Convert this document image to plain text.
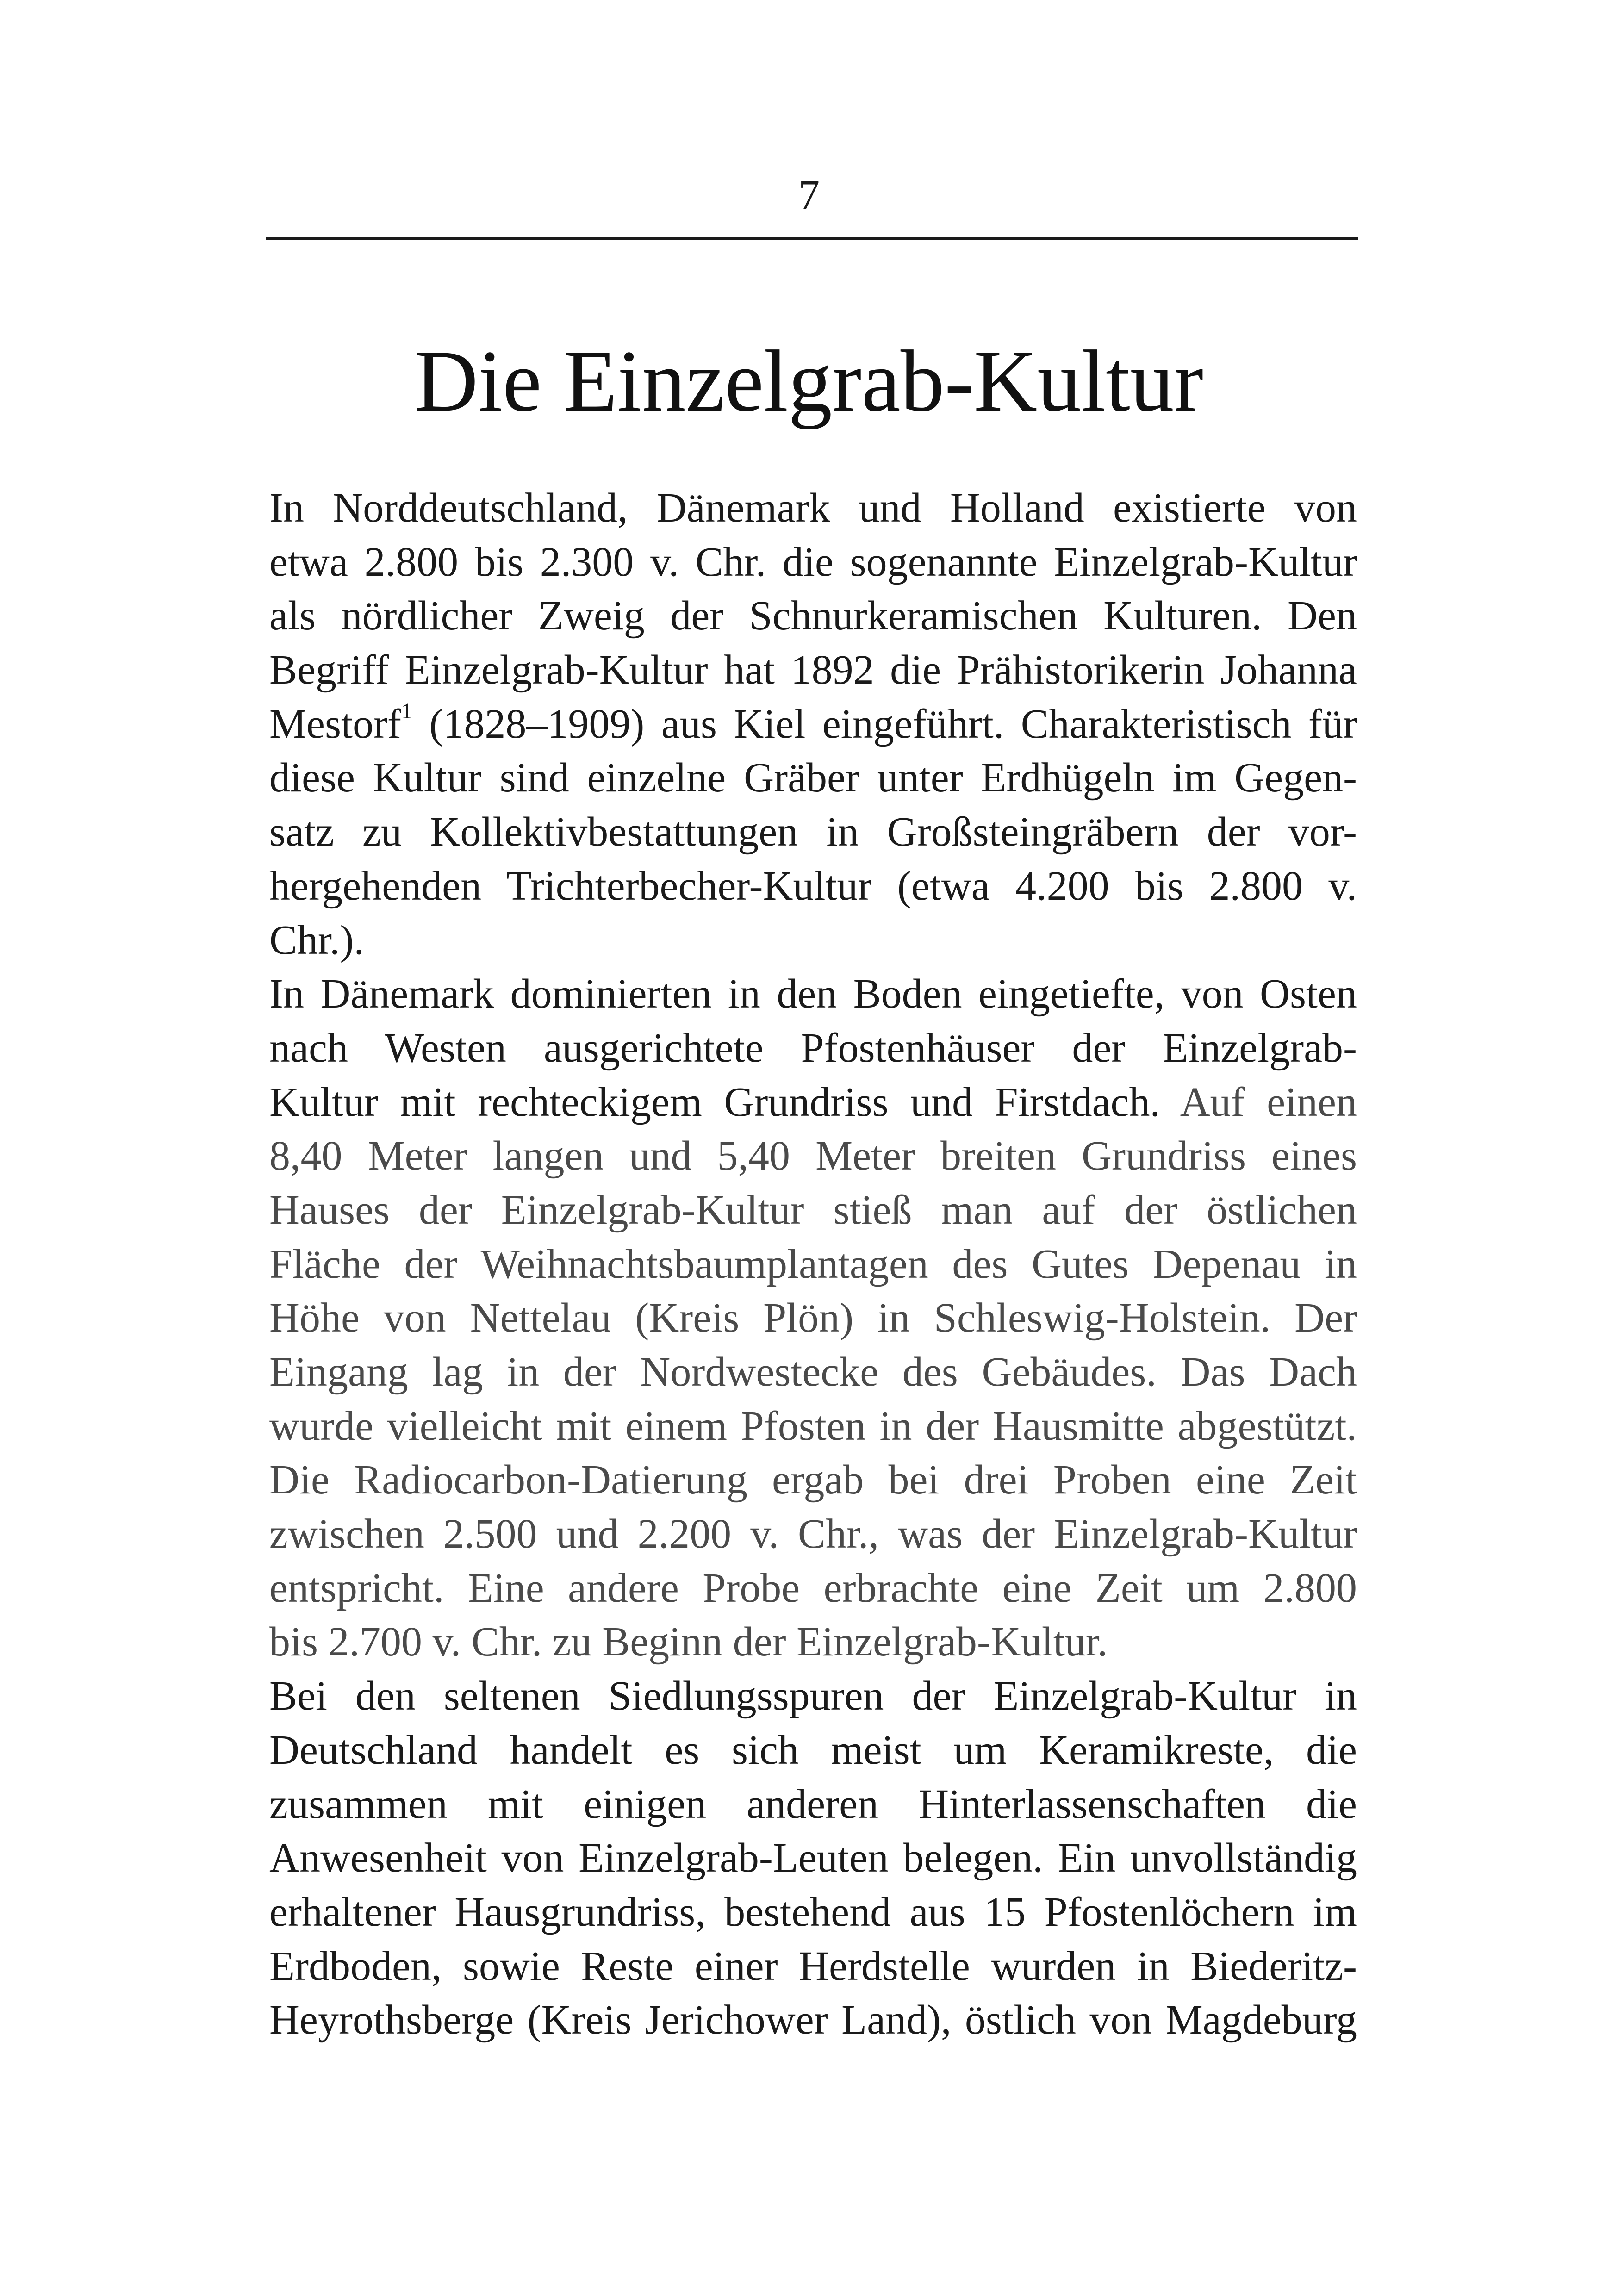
7
Die Einzelgrab-Kultur
In Norddeutschland, Dänemark und Holland existierte von
etwa 2.800 bis 2.300 v. Chr. die sogenannte Einzelgrab-Kultur
als nördlicher Zweig der Schnurkeramischen Kulturen. Den
Begriff Einzelgrab-Kultur hat 1892 die Prähistorikerin Johanna
Mestorf$^1$ (1828–1909) aus Kiel eingeführt. Charakteristisch für
diese Kultur sind einzelne Gräber unter Erdhügeln im Gegen-
satz zu Kollektivbestattungen in Großsteingräbern der vor-
hergehenden Trichterbecher-Kultur (etwa 4.200 bis 2.800 v.
Chr.).
In Dänemark dominierten in den Boden eingetiefte, von Osten
nach Westen ausgerichtete Pfostenhäuser der Einzelgrab-
Kultur mit rechteckigem Grundriss und Firstdach. Auf einen
8,40 Meter langen und 5,40 Meter breiten Grundriss eines
Hauses der Einzelgrab-Kultur stieß man auf der östlichen
Fläche der Weihnachtsbaumplantagen des Gutes Depenau in
Höhe von Nettelau (Kreis Plön) in Schleswig-Holstein. Der
Eingang lag in der Nordwestecke des Gebäudes. Das Dach
wurde vielleicht mit einem Pfosten in der Hausmitte abgestützt.
Die Radiocarbon-Datierung ergab bei drei Proben eine Zeit
zwischen 2.500 und 2.200 v. Chr., was der Einzelgrab-Kultur
entspricht. Eine andere Probe erbrachte eine Zeit um 2.800
bis 2.700 v. Chr. zu Beginn der Einzelgrab-Kultur.
Bei den seltenen Siedlungsspuren der Einzelgrab-Kultur in
Deutschland handelt es sich meist um Keramikreste, die
zusammen mit einigen anderen Hinterlassenschaften die
Anwesenheit von Einzelgrab-Leuten belegen. Ein unvollständig
erhaltener Hausgrundriss, bestehend aus 15 Pfostenlöchern im
Erdboden, sowie Reste einer Herdstelle wurden in Biederitz-
Heyrothsberge (Kreis Jerichower Land), östlich von Magdeburg
